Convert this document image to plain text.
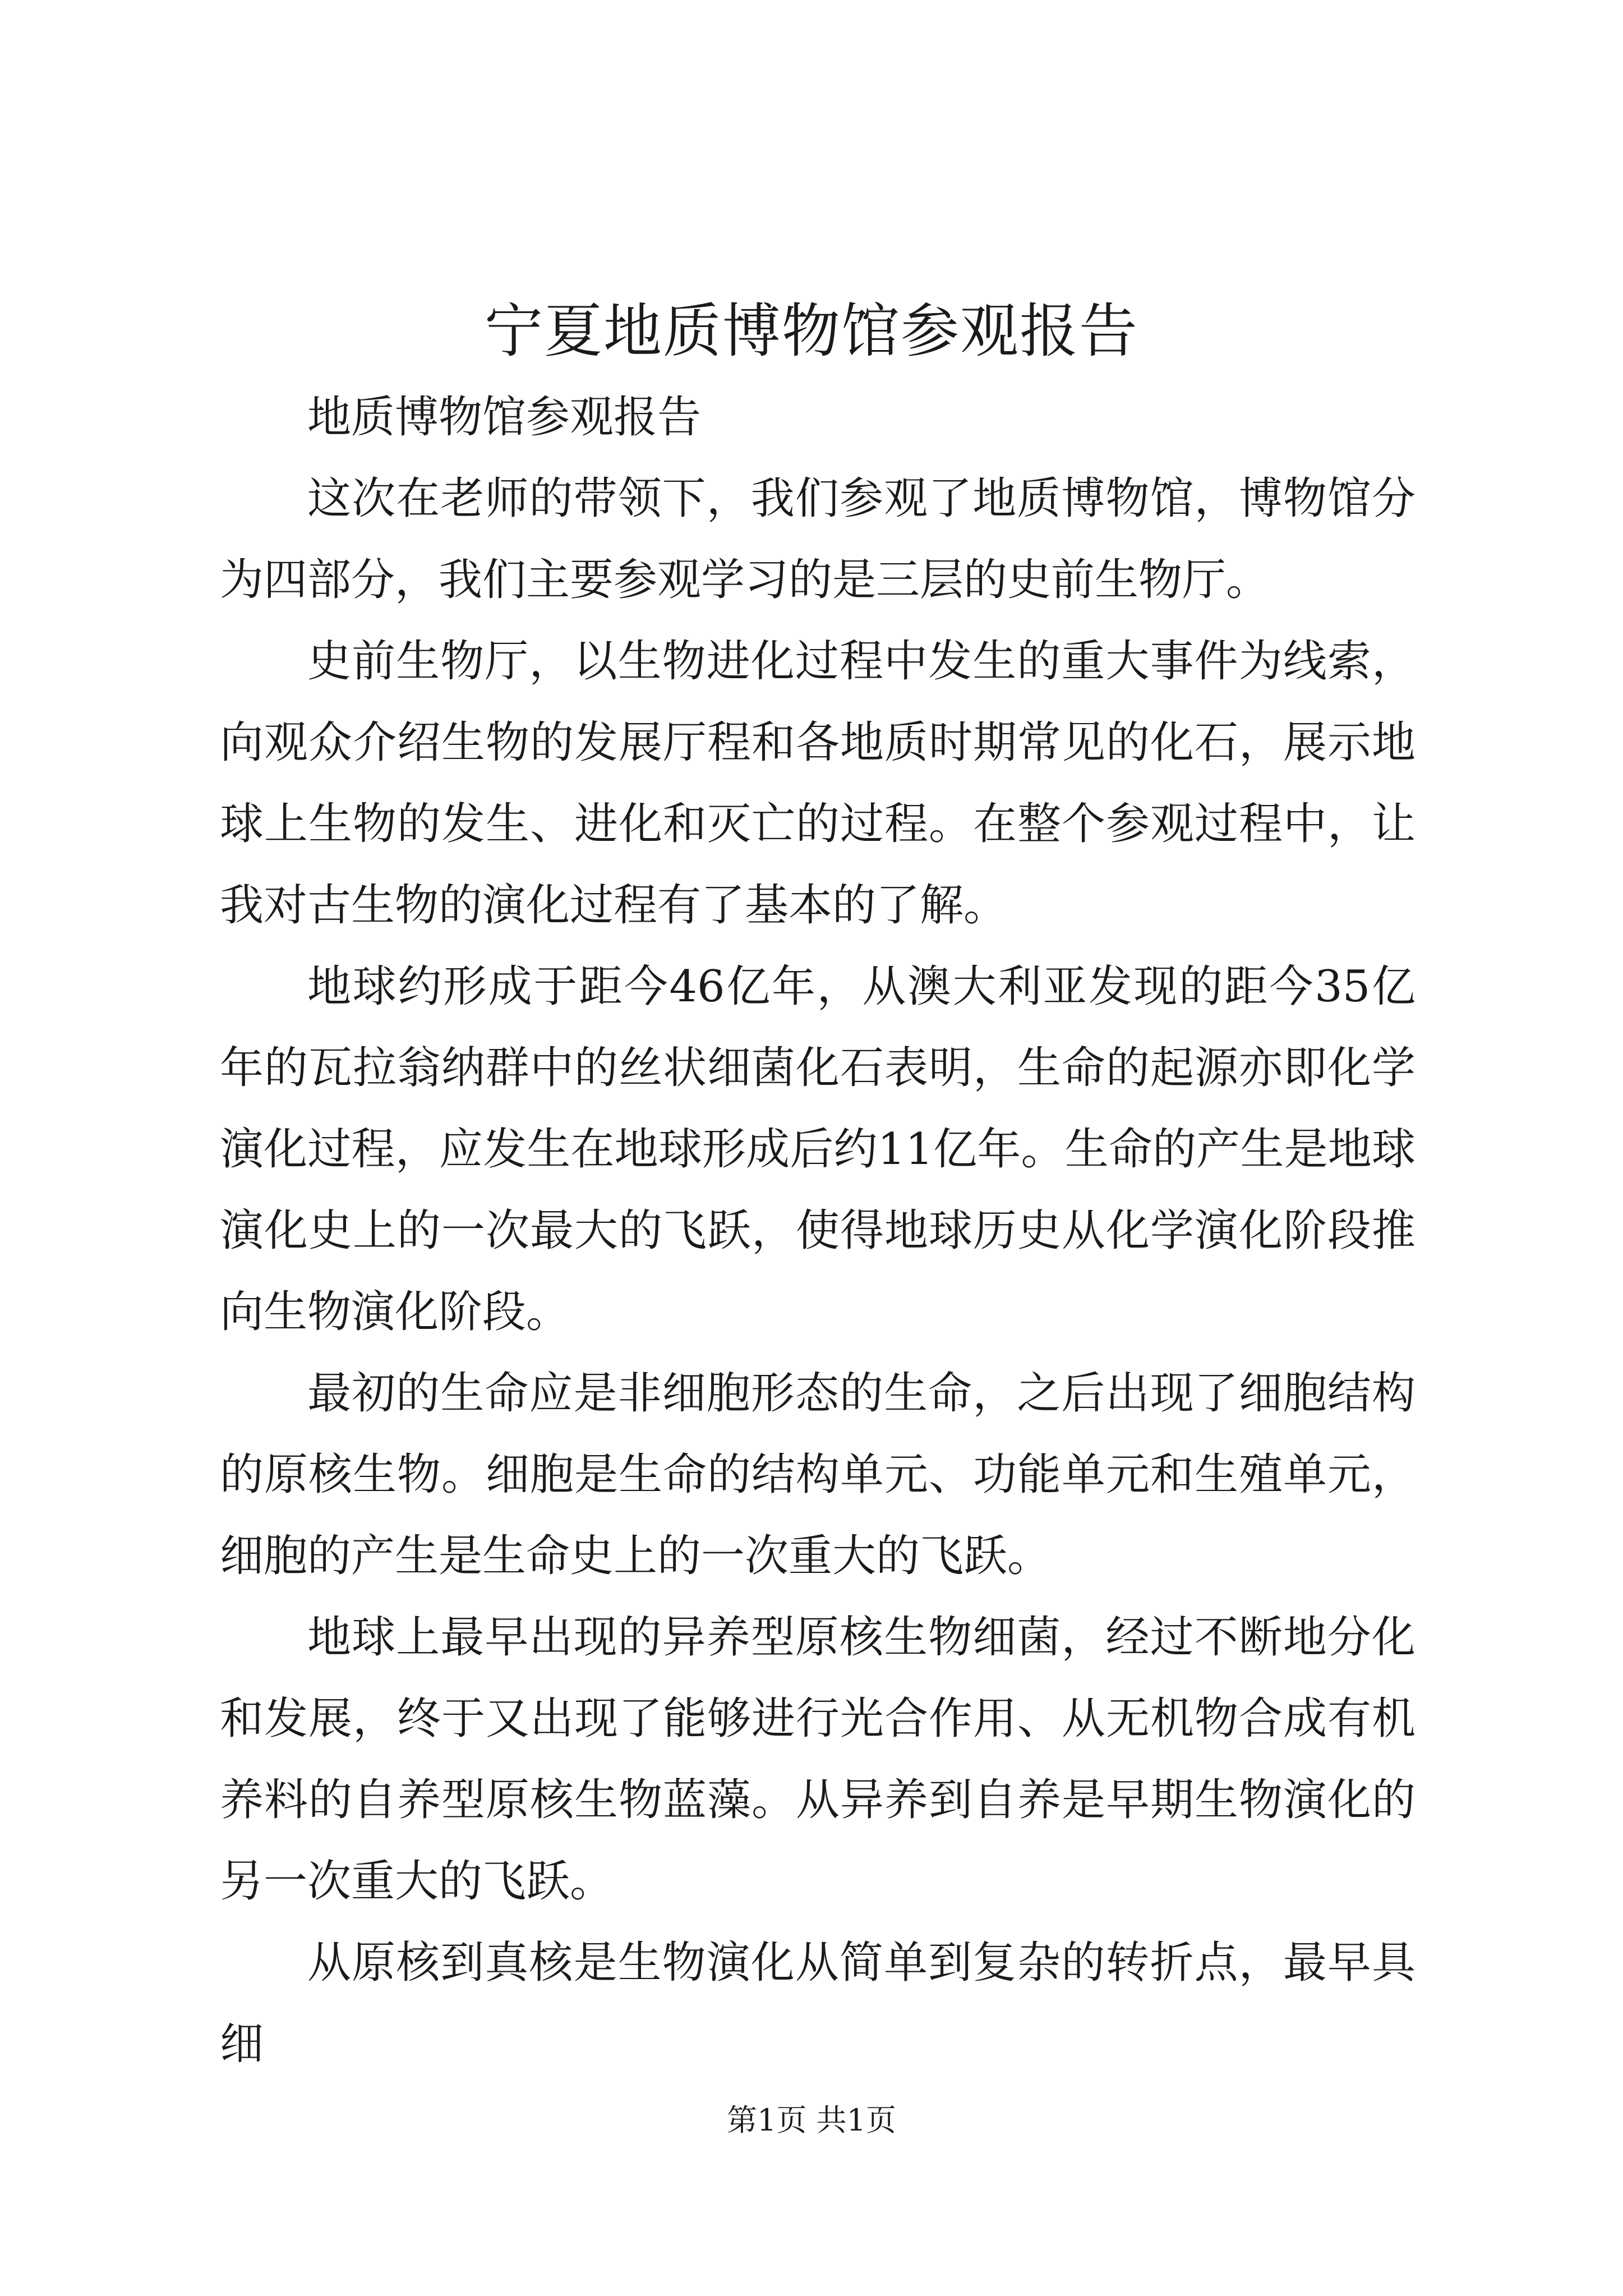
宁夏地质博物馆参观报告

地质博物馆参观报告

这次在老师的带领下，我们参观了地质博物馆，博物馆分为四部分，我们主要参观学习的是三层的史前生物厅。

史前生物厅，以生物进化过程中发生的重大事件为线索，向观众介绍生物的发展厅程和各地质时期常见的化石，展示地球上生物的发生、进化和灭亡的过程。在整个参观过程中，让我对古生物的演化过程有了基本的了解。

地球约形成于距今46亿年，从澳大利亚发现的距今35亿年的瓦拉翁纳群中的丝状细菌化石表明，生命的起源亦即化学演化过程，应发生在地球形成后约11亿年。生命的产生是地球演化史上的一次最大的飞跃，使得地球历史从化学演化阶段推向生物演化阶段。

最初的生命应是非细胞形态的生命，之后出现了细胞结构的原核生物。细胞是生命的结构单元、功能单元和生殖单元，细胞的产生是生命史上的一次重大的飞跃。

地球上最早出现的异养型原核生物细菌，经过不断地分化和发展，终于又出现了能够进行光合作用、从无机物合成有机养料的自养型原核生物蓝藻。从异养到自养是早期生物演化的另一次重大的飞跃。

从原核到真核是生物演化从简单到复杂的转折点，最早具细

第1页 共1页
